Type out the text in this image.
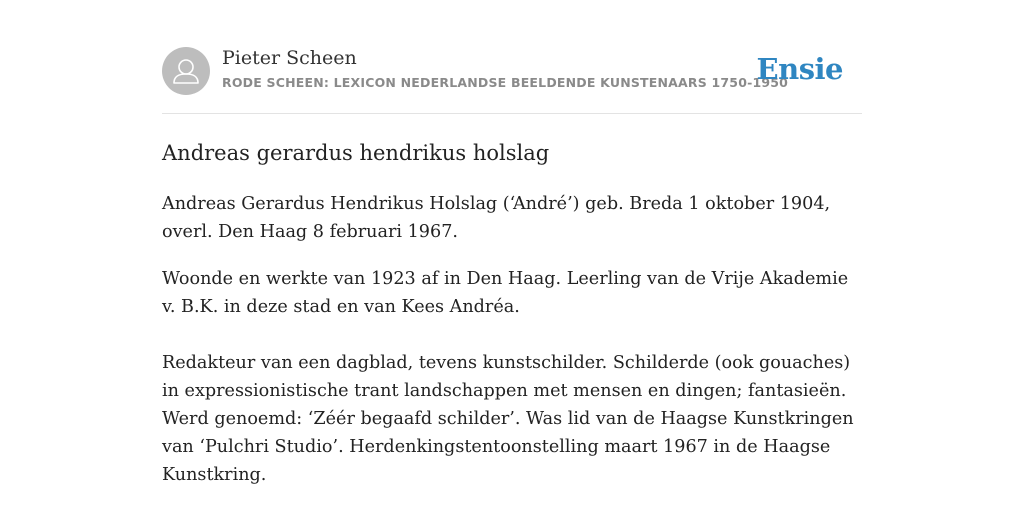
Pieter Scheen
RODE SCHEEN: LEXICON NEDERLANDSE BEELDENDE KUNSTENAARS 1750-1950
Ensie
Andreas gerardus hendrikus holslag

Andreas Gerardus Hendrikus Holslag (‘André’) geb. Breda 1 oktober 1904, overl. Den Haag 8 februari 1967.

Woonde en werkte van 1923 af in Den Haag. Leerling van de Vrije Akademie v. B.K. in deze stad en van Kees Andréa.

Redakteur van een dagblad, tevens kunstschilder. Schilderde (ook gouaches) in expressionistische trant landschappen met mensen en dingen; fantasieën. Werd genoemd: ‘Zéér begaafd schilder’. Was lid van de Haagse Kunstkringen van ‘Pulchri Studio’. Herdenkingstentoonstelling maart 1967 in de Haagse Kunstkring.
